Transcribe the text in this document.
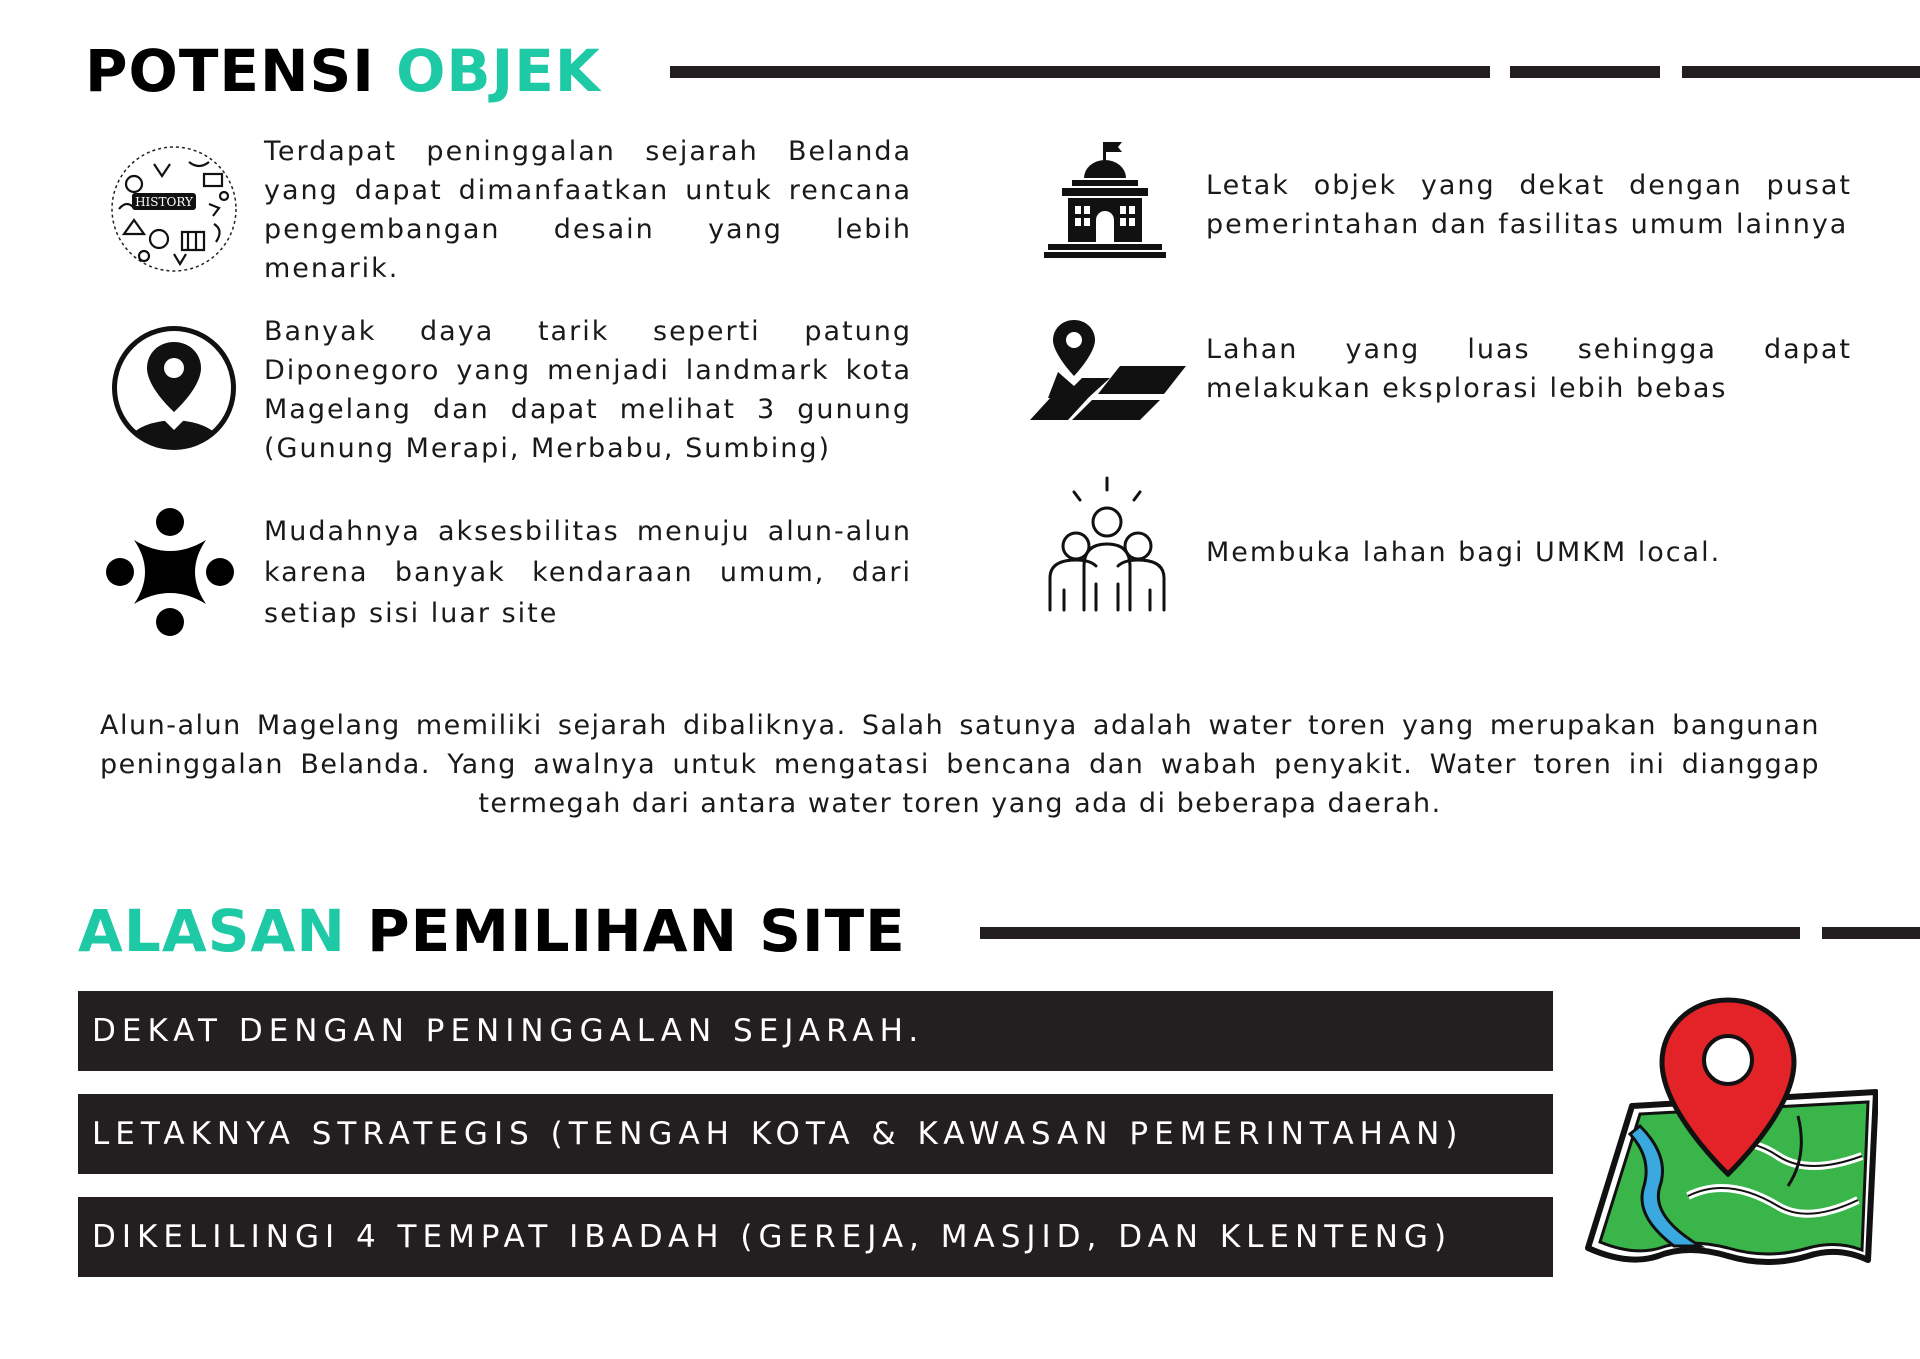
POTENSI OBJEK
HISTORY

Terdapat peninggalan sejarah Belanda yang dapat dimanfaatkan untuk rencana pengembangan desain yang lebih menarik.

Banyak daya tarik seperti patung Diponegoro yang menjadi landmark kota Magelang dan dapat melihat 3 gunung (Gunung Merapi, Merbabu, Sumbing)

Mudahnya aksesbilitas menuju alun-alun karena banyak kendaraan umum, dari setiap sisi luar site

Letak objek yang dekat dengan pusat pemerintahan dan fasilitas umum lainnya

Lahan yang luas sehingga dapat melakukan eksplorasi lebih bebas

Membuka lahan bagi UMKM local.

Alun-alun Magelang memiliki sejarah dibaliknya. Salah satunya adalah water toren yang merupakan bangunan peninggalan Belanda. Yang awalnya untuk mengatasi bencana dan wabah penyakit. Water toren ini dianggap termegah dari antara water toren yang ada di beberapa daerah.

ALASAN PEMILIHAN SITE
DEKAT DENGAN PENINGGALAN SEJARAH.
LETAKNYA STRATEGIS (TENGAH KOTA & KAWASAN PEMERINTAHAN)
DIKELILINGI 4 TEMPAT IBADAH (GEREJA, MASJID, DAN KLENTENG)
